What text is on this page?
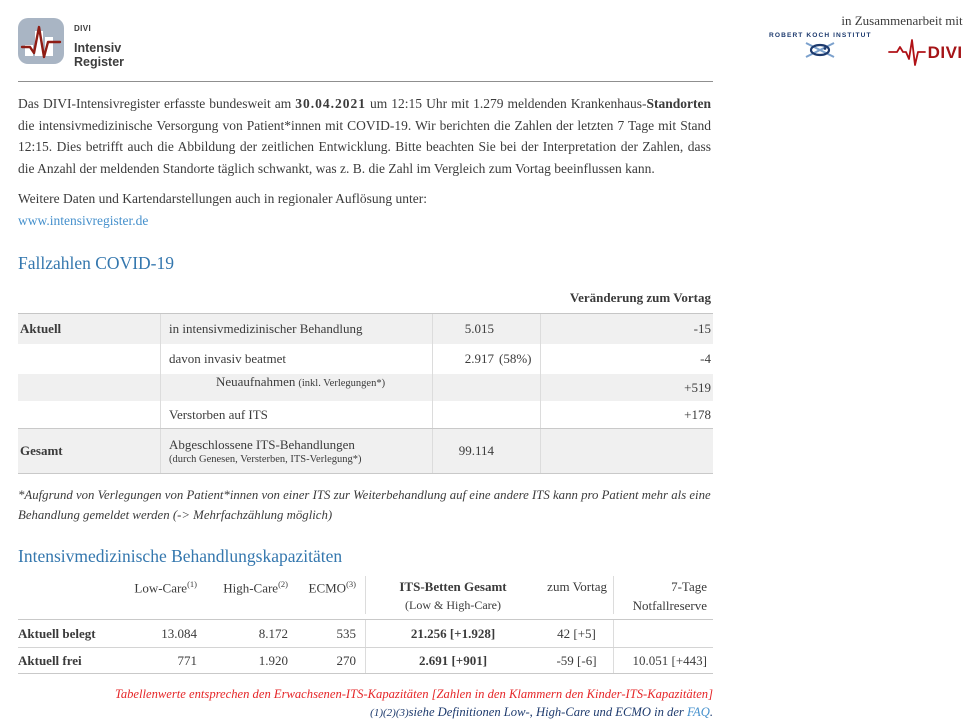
DIVI
Intensiv
Register
in Zusammenarbeit mit
ROBERT KOCH INSTITUT
DIVI

Das DIVI-Intensivregister erfasste bundesweit am 30.04.2021 um 12:15 Uhr mit 1.279 meldenden Krankenhaus-Standorten die intensivmedizinische Versorgung von Patient*innen mit COVID-19. Wir berichten die Zahlen der letzten 7 Tage mit Stand 12:15. Dies betrifft auch die Abbildung der zeitlichen Entwicklung. Bitte beachten Sie bei der Interpretation der Zahlen, dass die Anzahl der meldenden Standorte täglich schwankt, was z. B. die Zahl im Vergleich zum Vortag beeinflussen kann.

Weitere Daten und Kartendarstellungen auch in regionaler Auflösung unter:
www.intensivregister.de

Fallzahlen COVID-19
Veränderung zum Vortag
Aktuell	in intensivmedizinischer Behandlung	5.015	-15
davon invasiv beatmet	2.917 (58%)	-4
Neuaufnahmen (inkl. Verlegungen*)	+519
Verstorben auf ITS	+178
Gesamt	Abgeschlossene ITS-Behandlungen
(durch Genesen, Versterben, ITS-Verlegung*)
99.114

*Aufgrund von Verlegungen von Patient*innen von einer ITS zur Weiterbehandlung auf eine andere ITS kann pro Patient mehr als eine Behandlung gemeldet werden (-> Mehrfachzählung möglich)

Intensivmedizinische Behandlungskapazitäten
Low-Care$^{(1)}$	High-Care$^{(2)}$	ECMO$^{(3)}$	ITS-Betten Gesamt
(Low & High-Care)
zum Vortag	7-Tage
Notfallreserve
Aktuell belegt	13.084	8.172	535	21.256 [+1.928]	42 [+5]
Aktuell frei	771	1.920	270	2.691 [+901]	-59 [-6]	10.051 [+443]
Tabellenwerte entsprechen den Erwachsenen-ITS-Kapazitäten [Zahlen in den Klammern den Kinder-ITS-Kapazitäten]
(1)(2)(3)siehe Definitionen Low-, High-Care und ECMO in der FAQ.
